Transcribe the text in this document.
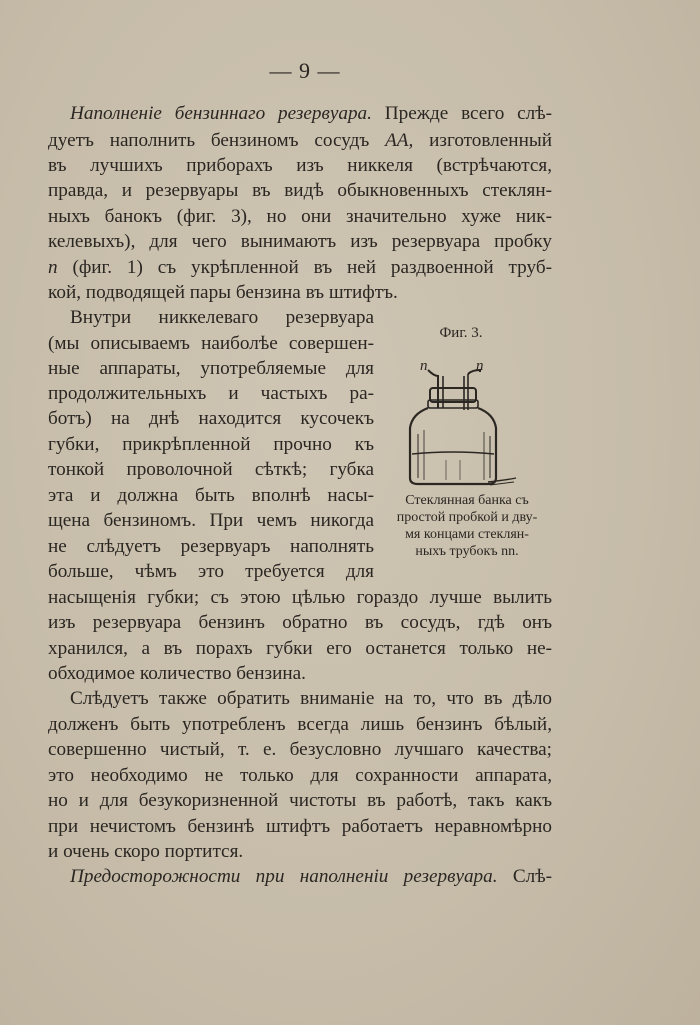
— 9 —
Наполненіе бензиннаго резервуара. Прежде всего слѣ-
дуетъ наполнить бензиномъ сосудъ АА, изготовленный
въ лучшихъ приборахъ изъ никкеля (встрѣчаются,
правда, и резервуары въ видѣ обыкновенныхъ стеклян-
ныхъ банокъ (фиг. 3), но они значительно хуже ник-
келевыхъ), для чего вынимаютъ изъ резервуара пробку
n (фиг. 1) съ укрѣпленной въ ней раздвоенной труб-
кой, подводящей пары бензина въ штифтъ.
Внутри никкелеваго резервуара
(мы описываемъ наиболѣе совершен-
ные аппараты, употребляемые для
продолжительныхъ и частыхъ ра-
ботъ) на днѣ находится кусочекъ
губки, прикрѣпленной прочно къ
тонкой проволочной сѣткѣ; губка
эта и должна быть вполнѣ насы-
щена бензиномъ. При чемъ никогда
не слѣдуетъ резервуаръ наполнять
больше, чѣмъ это требуется для
насыщенія губки; съ этою цѣлью гораздо лучше вылить
изъ резервуара бензинъ обратно въ сосудъ, гдѣ онъ
хранился, а въ порахъ губки его останется только не-
обходимое количество бензина.
Фиг. 3.
n	n
Стеклянная банка съ
простой пробкой и дву-
мя концами стеклян-
ныхъ трубокъ nn.
Слѣдуетъ также обратить вниманіе на то, что въ дѣло
долженъ быть употребленъ всегда лишь бензинъ бѣлый,
совершенно чистый, т. е. безусловно лучшаго качества;
это необходимо не только для сохранности аппарата,
но и для безукоризненной чистоты въ работѣ, такъ какъ
при нечистомъ бензинѣ штифтъ работаетъ неравномѣрно
и очень скоро портится.
Предосторожности при наполненіи резервуара. Слѣ-
